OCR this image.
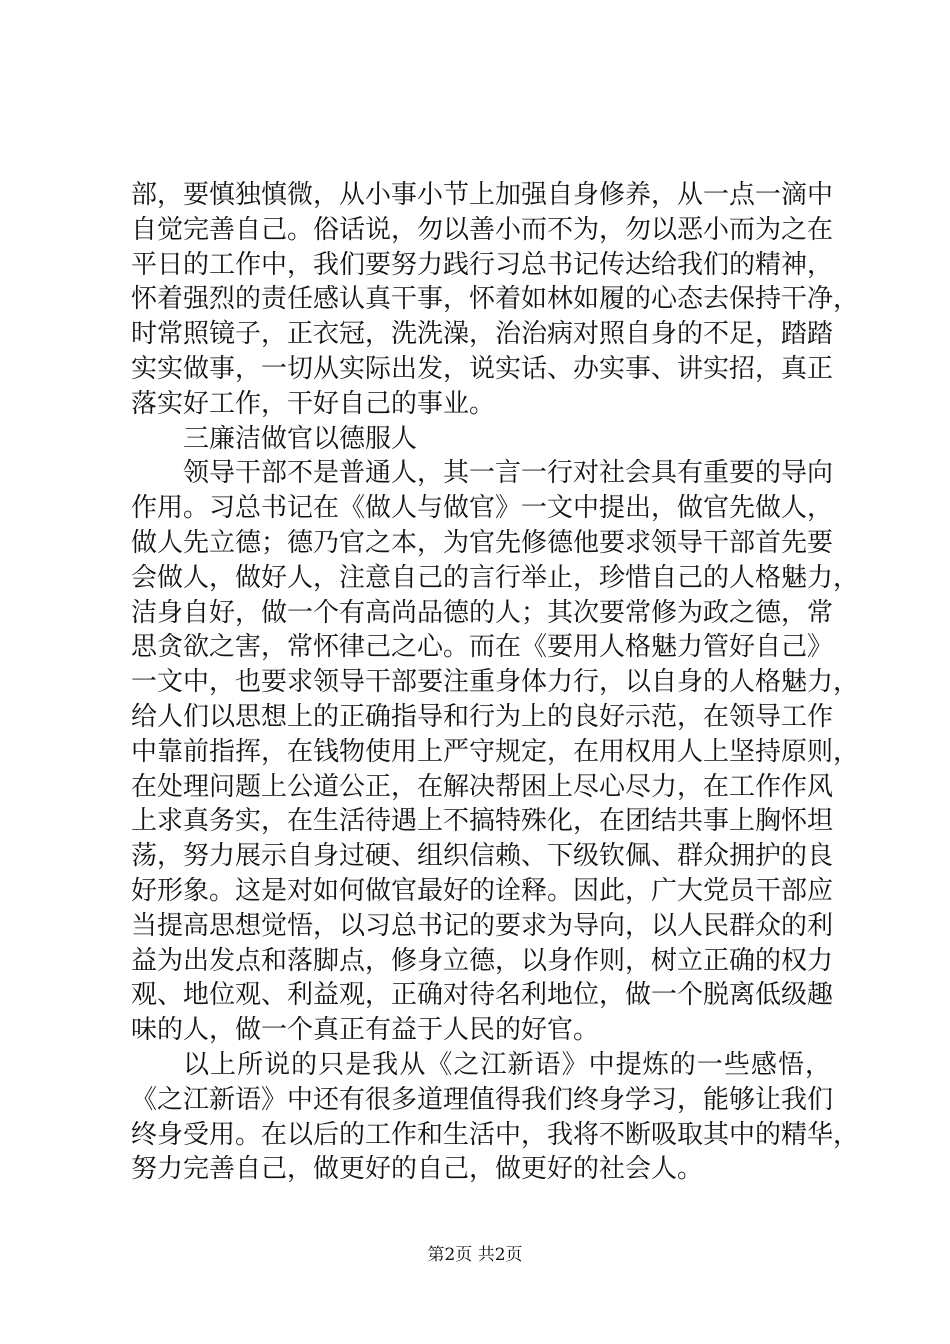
部，要慎独慎微，从小事小节上加强自身修养，从一点一滴中
自觉完善自己。俗话说，勿以善小而不为，勿以恶小而为之在
平日的工作中，我们要努力践行习总书记传达给我们的精神，
怀着强烈的责任感认真干事，怀着如林如履的心态去保持干净，
时常照镜子，正衣冠，洗洗澡，治治病对照自身的不足，踏踏
实实做事，一切从实际出发，说实话、办实事、讲实招，真正
落实好工作，干好自己的事业。
三廉洁做官以德服人
领导干部不是普通人，其一言一行对社会具有重要的导向
作用。习总书记在《做人与做官》一文中提出，做官先做人，
做人先立德；德乃官之本，为官先修德他要求领导干部首先要
会做人，做好人，注意自己的言行举止，珍惜自己的人格魅力，
洁身自好，做一个有高尚品德的人；其次要常修为政之德，常
思贪欲之害，常怀律己之心。而在《要用人格魅力管好自己》
一文中，也要求领导干部要注重身体力行，以自身的人格魅力，
给人们以思想上的正确指导和行为上的良好示范，在领导工作
中靠前指挥，在钱物使用上严守规定，在用权用人上坚持原则，
在处理问题上公道公正，在解决帮困上尽心尽力，在工作作风
上求真务实，在生活待遇上不搞特殊化，在团结共事上胸怀坦
荡，努力展示自身过硬、组织信赖、下级钦佩、群众拥护的良
好形象。这是对如何做官最好的诠释。因此，广大党员干部应
当提高思想觉悟，以习总书记的要求为导向，以人民群众的利
益为出发点和落脚点，修身立德，以身作则，树立正确的权力
观、地位观、利益观，正确对待名利地位，做一个脱离低级趣
味的人，做一个真正有益于人民的好官。
以上所说的只是我从《之江新语》中提炼的一些感悟，
《之江新语》中还有很多道理值得我们终身学习，能够让我们
终身受用。在以后的工作和生活中，我将不断吸取其中的精华，
努力完善自己，做更好的自己，做更好的社会人。
第2页 共2页
